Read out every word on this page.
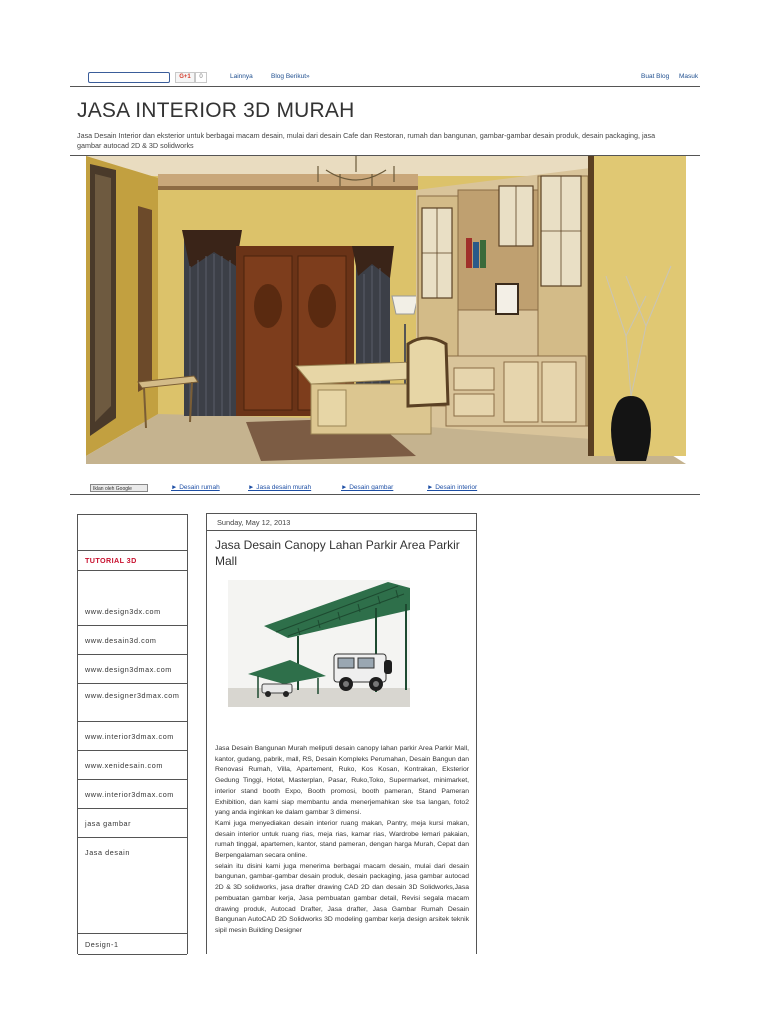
G+1	0	Lainnya	Blog Berikut»	Buat Blog Masuk
JASA INTERIOR 3D MURAH

Jasa Desain Interior dan eksterior untuk berbagai macam desain, mulai dari desain Cafe dan Restoran, rumah dan bangunan, gambar-gambar desain produk, desain packaging, jasa gambar autocad 2D & 3D solidworks

Iklan oleh Google	► Desain rumah	► Jasa desain murah	► Desain gambar	► Desain interior
TUTORIAL 3D
www.design3dx.com
www.desain3d.com
www.design3dmax.com
www.designer3dmax.com
www.interior3dmax.com
www.xenidesain.com
www.interior3dmax.com
jasa gambar
Jasa desain
Design-1
Sunday, May 12, 2013
Jasa Desain Canopy Lahan Parkir Area Parkir Mall

Jasa Desain Bangunan Murah meliputi desain canopy lahan parkir Area Parkir Mall, kantor, gudang, pabrik, mall, RS, Desain Kompleks Perumahan, Desain Bangun dan Renovasi Rumah, Villa, Apartement, Ruko, Kos Kosan, Kontrakan, Eksterior Gedung Tinggi, Hotel, Masterplan, Pasar, Ruko,Toko, Supermarket, minimarket, interior stand booth Expo, Booth promosi, booth pameran, Stand Pameran Exhibition, dan kami siap membantu anda menerjemahkan ske tsa langan, foto2 yang anda inginkan ke dalam gambar 3 dimensi.

Kami juga menyediakan desain interior ruang makan, Pantry, meja kursi makan, desain interior untuk ruang rias, meja rias, kamar rias, Wardrobe lemari pakaian, rumah tinggal, apartemen, kantor, stand pameran, dengan harga Murah, Cepat dan Berpengalaman secara online.

selain itu disini kami juga menerima berbagai macam desain, mulai dari desain bangunan, gambar-gambar desain produk, desain packaging, jasa gambar autocad 2D & 3D solidworks, jasa drafter drawing CAD 2D dan desain 3D Solidworks,Jasa pembuatan gambar kerja, Jasa pembuatan gambar detail, Revisi segala macam drawing produk, Autocad Drafter, Jasa drafter, Jasa Gambar Rumah Desain Bangunan AutoCAD 2D Solidworks 3D modeling gambar kerja design arsitek teknik sipil mesin Building Designer
